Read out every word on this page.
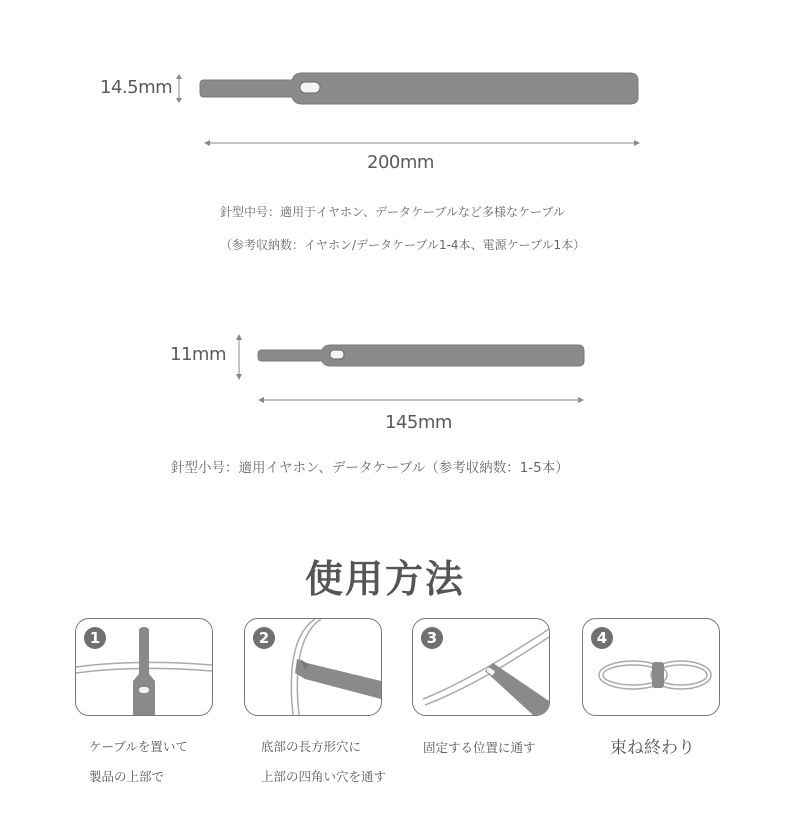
14.5mm
200mm
針型中号：適用于イヤホン、データケーブルなど多様なケーブル
（参考収納数：イヤホン/データケーブル1-4本、電源ケーブル1本）
11mm
145mm
針型小号：適用イヤホン、データケーブル（参考収納数：1-5本）
使用方法
1
ケーブルを置いて
製品の上部で
2
底部の長方形穴に
上部の四角い穴を通す
3
固定する位置に通す
4
束ね終わり
